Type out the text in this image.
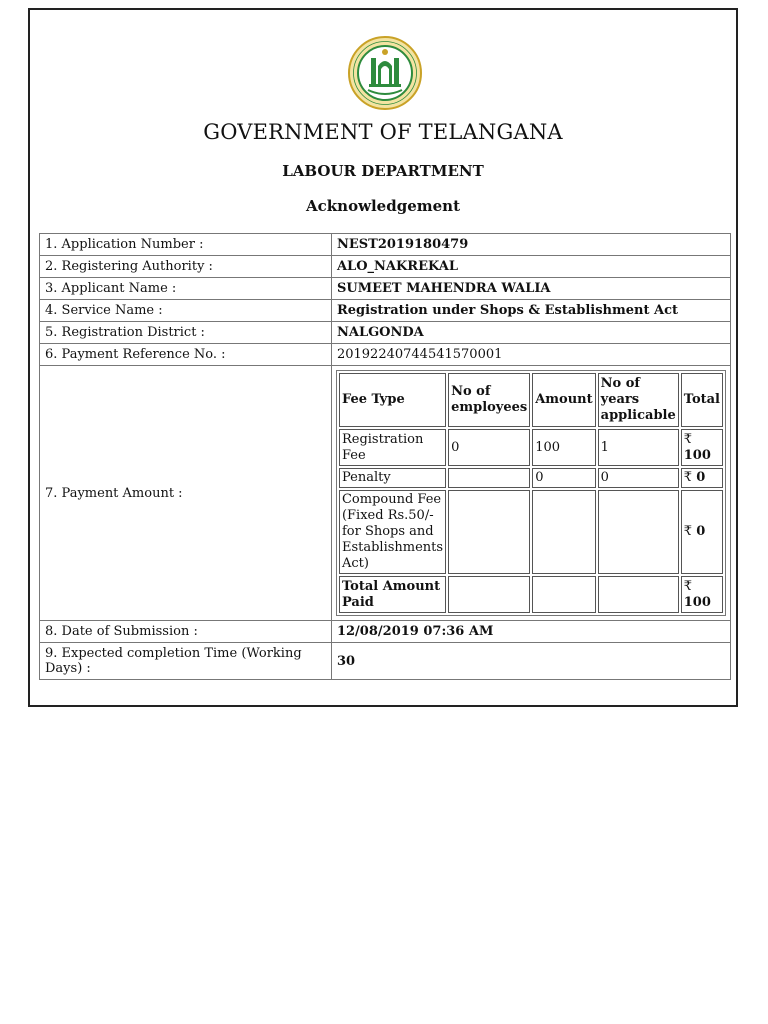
GOVERNMENT OF TELANGANA
LABOUR DEPARTMENT
Acknowledgement
1. Application Number :	NEST2019180479
2. Registering Authority :	ALO_NAKREKAL
3. Applicant Name :	SUMEET MAHENDRA WALIA
4. Service Name :	Registration under Shops & Establishment Act
5. Registration District :	NALGONDA
6. Payment Reference No. :	20192240744541570001
7. Payment Amount :	
Fee Type	No of employees	Amount	No of years applicable	Total
Registration Fee	0	100	1	₹ 100
Penalty		0	0	₹ 0
Compound Fee (Fixed Rs.50/- for Shops and Establishments Act)				₹ 0
Total Amount Paid				₹ 100

8. Date of Submission :	12/08/2019 07:36 AM
9. Expected completion Time (Working Days) :	30
